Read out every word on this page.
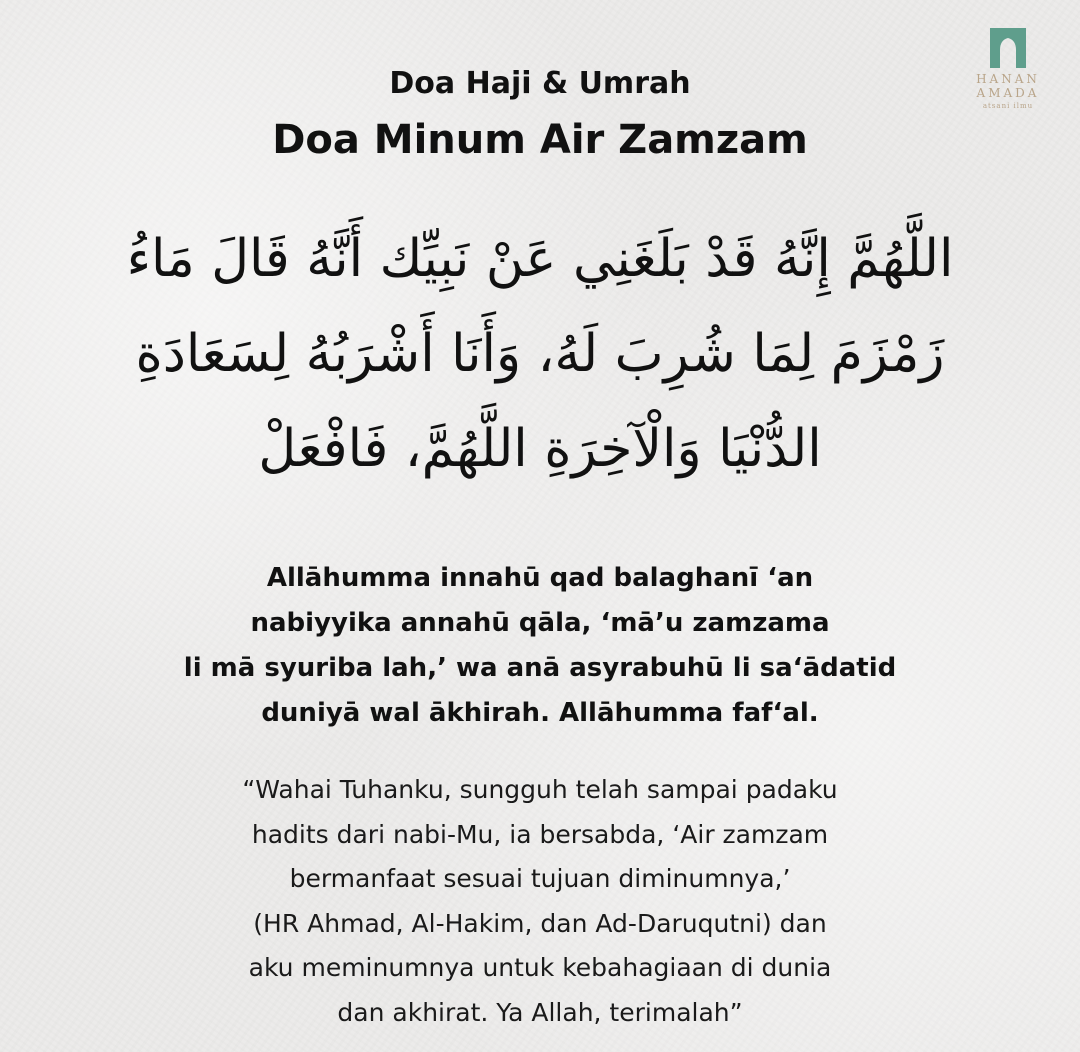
HANAN
AMADA
atsani ilmu
Doa Haji & Umrah
Doa Minum Air Zamzam
اللَّهُمَّ إِنَّهُ قَدْ بَلَغَنِي عَنْ نَبِيِّك أَنَّهُ قَالَ مَاءُ
زَمْزَمَ لِمَا شُرِبَ لَهُ، وَأَنَا أَشْرَبُهُ لِسَعَادَةِ
الدُّنْيَا وَالْآخِرَةِ اللَّهُمَّ، فَافْعَلْ
Allāhumma innahū qad balaghanī ‘an
nabiyyika annahū qāla, ‘mā’u zamzama
li mā syuriba lah,’ wa anā asyrabuhū li sa‘ādatid
duniyā wal ākhirah. Allāhumma faf‘al.
“Wahai Tuhanku, sungguh telah sampai padaku
hadits dari nabi-Mu, ia bersabda, ‘Air zamzam
bermanfaat sesuai tujuan diminumnya,’
(HR Ahmad, Al-Hakim, dan Ad-Daruqutni) dan
aku meminumnya untuk kebahagiaan di dunia
dan akhirat. Ya Allah, terimalah”
